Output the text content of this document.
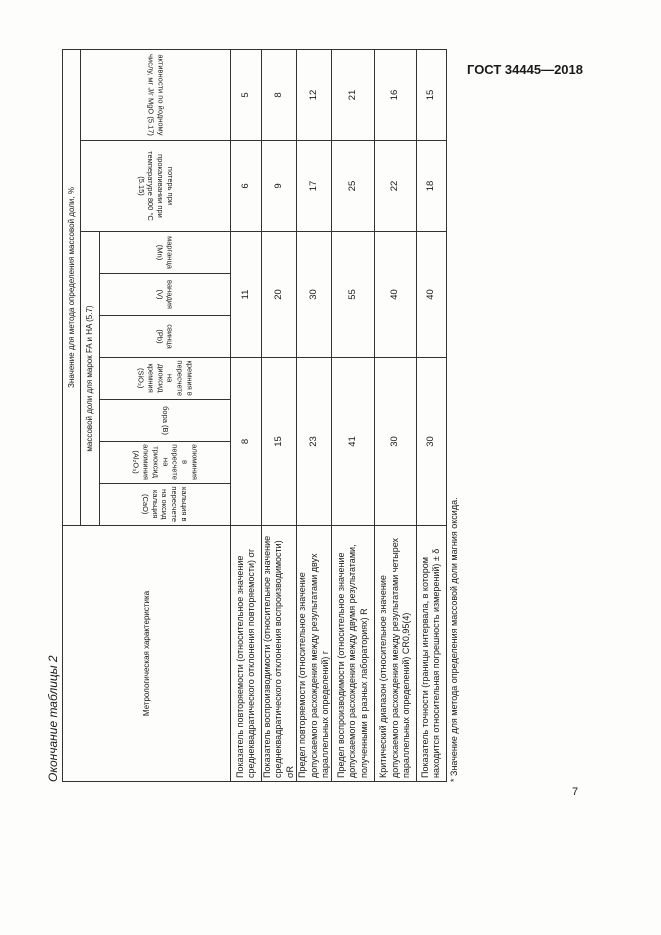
ГОСТ 34445—2018
Окончание таблицы 2
Метрологическая характеристика	Значение для метода определения массовой доли, %								
	массовой доли для марок FA и HA (5.7)							потерь при прокаливании при температуре 800 °С (5.15)	активности по йодному числу, мг J/г MgO (5.17)
	кальция в пересчете на оксид кальция (CaO)	алюминия в пересчете на триоксид алюминия (Al₂O₃)	бора (B)	кремния в пересчете на диоксид кремния (SiO₂)	свинца (Pb)	ванадия (V)	марганца (Mn)		
Показатель повторяемости (относительное значение среднеквадратического отклонения повторяемости) σr	8				11			6	5
Показатель воспроизводимости (относительное значение среднеквадратического отклонения воспроизводимости) σR	15				20			9	8
Предел повторяемости (относительное значение допускаемого расхождения между результатами двух параллельных определений) r	23				30			17	12
Предел воспроизводимости (относительное значение допускаемого расхождения между двумя результатами, полученными в разных лабораториях) R	41				55			25	21
Критический диапазон (относительное значение допускаемого расхождения между результатами четырех параллельных определений) CR0,95(4)	30				40			22	16
Показатель точности (границы интервала, в котором находится относительная погрешность измерений) ± δ	30				40			18	15
* Значение для метода определения массовой доли магния оксида.
7
